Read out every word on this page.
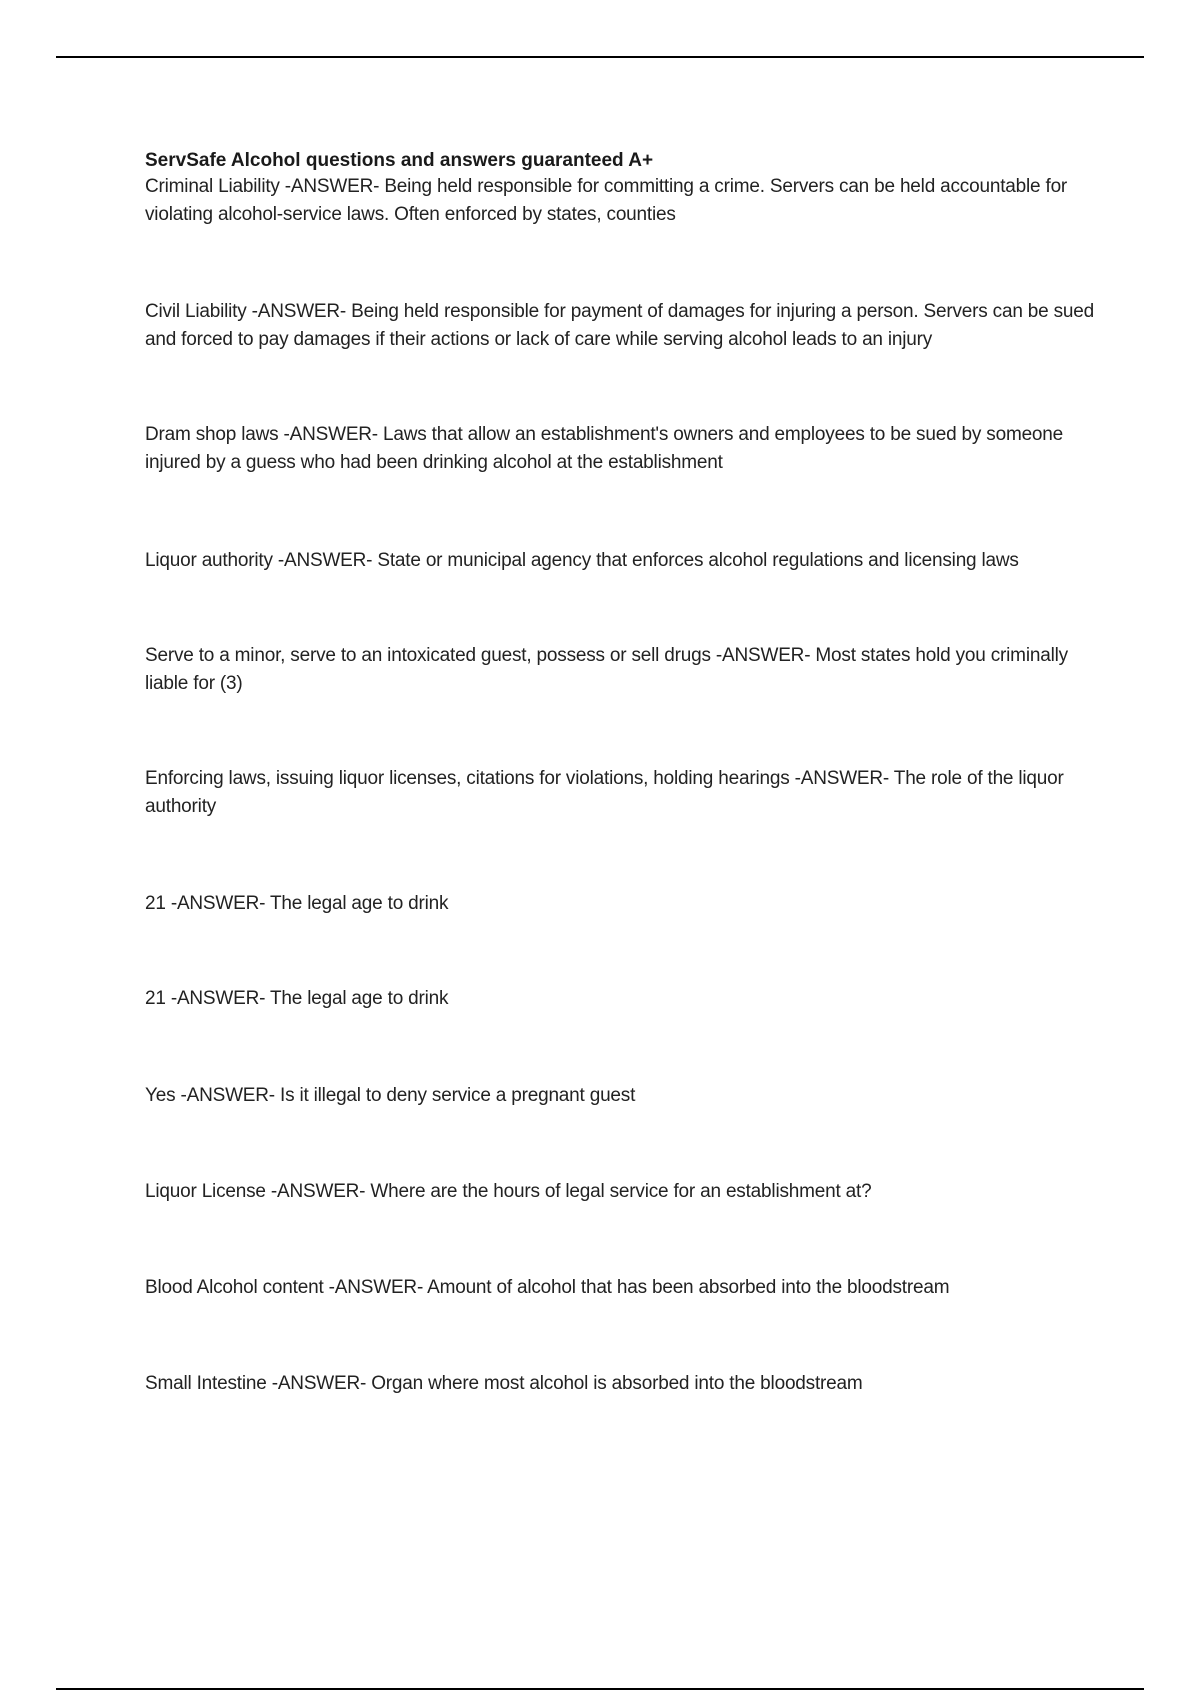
ServSafe Alcohol questions and answers guaranteed A+

Criminal Liability -ANSWER- Being held responsible for committing a crime. Servers can be held accountable for violating alcohol-service laws. Often enforced by states, counties

Civil Liability -ANSWER- Being held responsible for payment of damages for injuring a person. Servers can be sued and forced to pay damages if their actions or lack of care while serving alcohol leads to an injury

Dram shop laws -ANSWER- Laws that allow an establishment's owners and employees to be sued by someone injured by a guess who had been drinking alcohol at the establishment

Liquor authority -ANSWER- State or municipal agency that enforces alcohol regulations and licensing laws

Serve to a minor, serve to an intoxicated guest, possess or sell drugs -ANSWER- Most states hold you criminally liable for (3)

Enforcing laws, issuing liquor licenses, citations for violations, holding hearings -ANSWER- The role of the liquor authority

21 -ANSWER- The legal age to drink

21 -ANSWER- The legal age to drink

Yes -ANSWER- Is it illegal to deny service a pregnant guest

Liquor License -ANSWER- Where are the hours of legal service for an establishment at?

Blood Alcohol content -ANSWER- Amount of alcohol that has been absorbed into the bloodstream

Small Intestine -ANSWER- Organ where most alcohol is absorbed into the bloodstream
